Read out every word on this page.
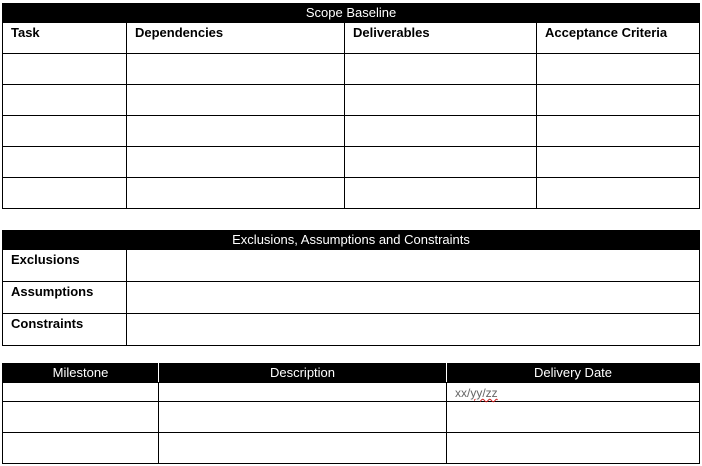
Scope Baseline			
Task	Dependencies	Deliverables	Acceptance Criteria

Exclusions, Assumptions and Constraints	
Exclusions	
Assumptions	
Constraints	
Milestone	Description	Delivery Date
		xx/yy/zz
